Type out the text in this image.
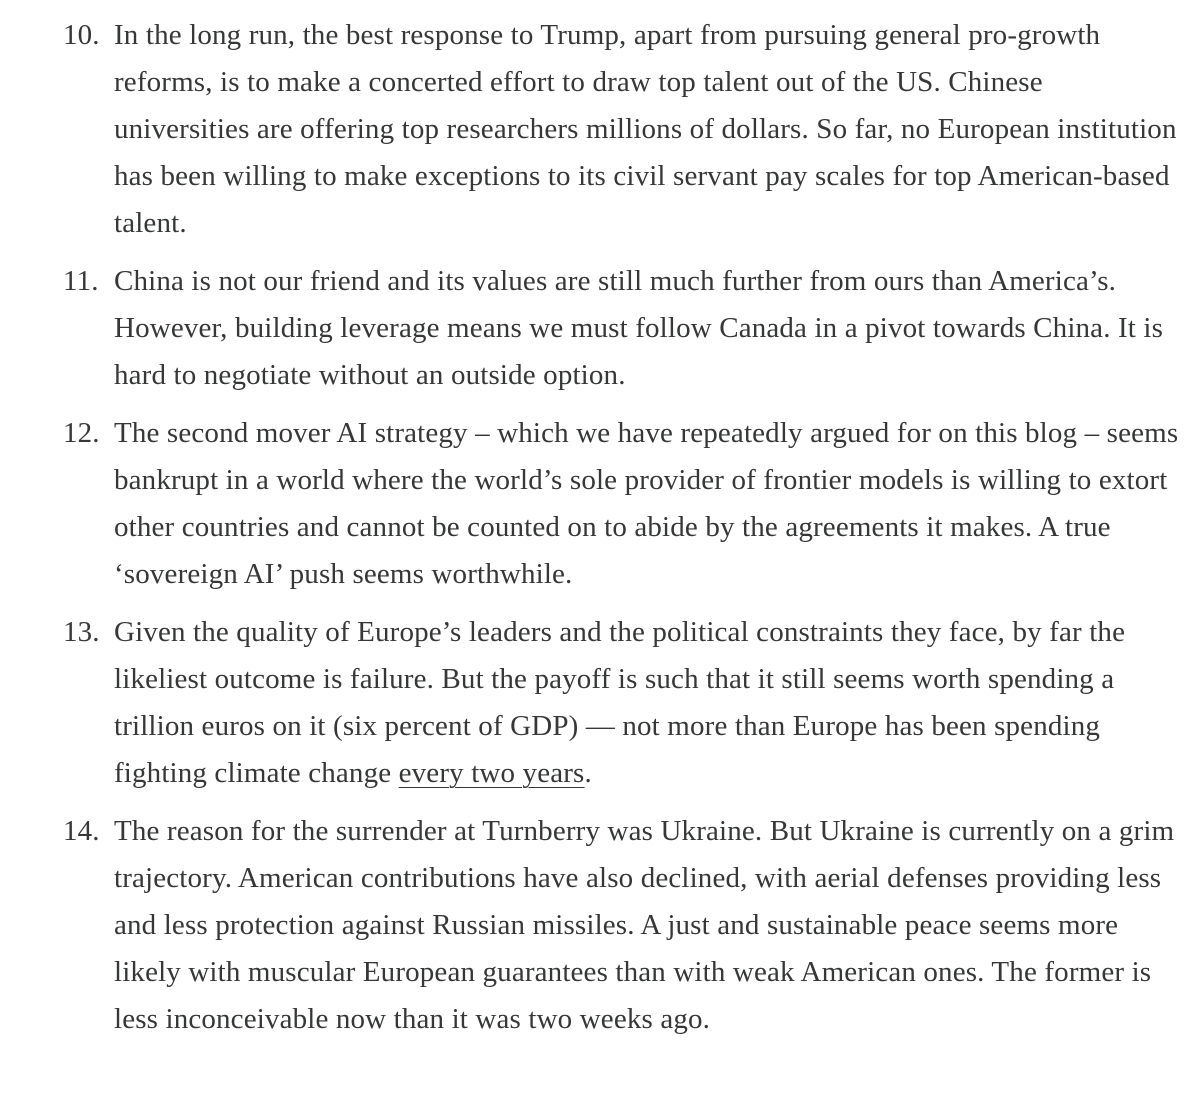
10. In the long run, the best response to Trump, apart from pursuing general pro-growth reforms, is to make a concerted effort to draw top talent out of the US. Chinese universities are offering top researchers millions of dollars. So far, no European institution has been willing to make exceptions to its civil servant pay scales for top American-based talent.
11. China is not our friend and its values are still much further from ours than America’s. However, building leverage means we must follow Canada in a pivot towards China. It is hard to negotiate without an outside option.
12. The second mover AI strategy – which we have repeatedly argued for on this blog – seems bankrupt in a world where the world’s sole provider of frontier models is willing to extort other countries and cannot be counted on to abide by the agreements it makes. A true ‘sovereign AI’ push seems worthwhile.
13. Given the quality of Europe’s leaders and the political constraints they face, by far the likeliest outcome is failure. But the payoff is such that it still seems worth spending a trillion euros on it (six percent of GDP) — not more than Europe has been spending fighting climate change every two years.
14. The reason for the surrender at Turnberry was Ukraine. But Ukraine is currently on a grim trajectory. American contributions have also declined, with aerial defenses providing less and less protection against Russian missiles. A just and sustainable peace seems more likely with muscular European guarantees than with weak American ones. The former is less inconceivable now than it was two weeks ago.
